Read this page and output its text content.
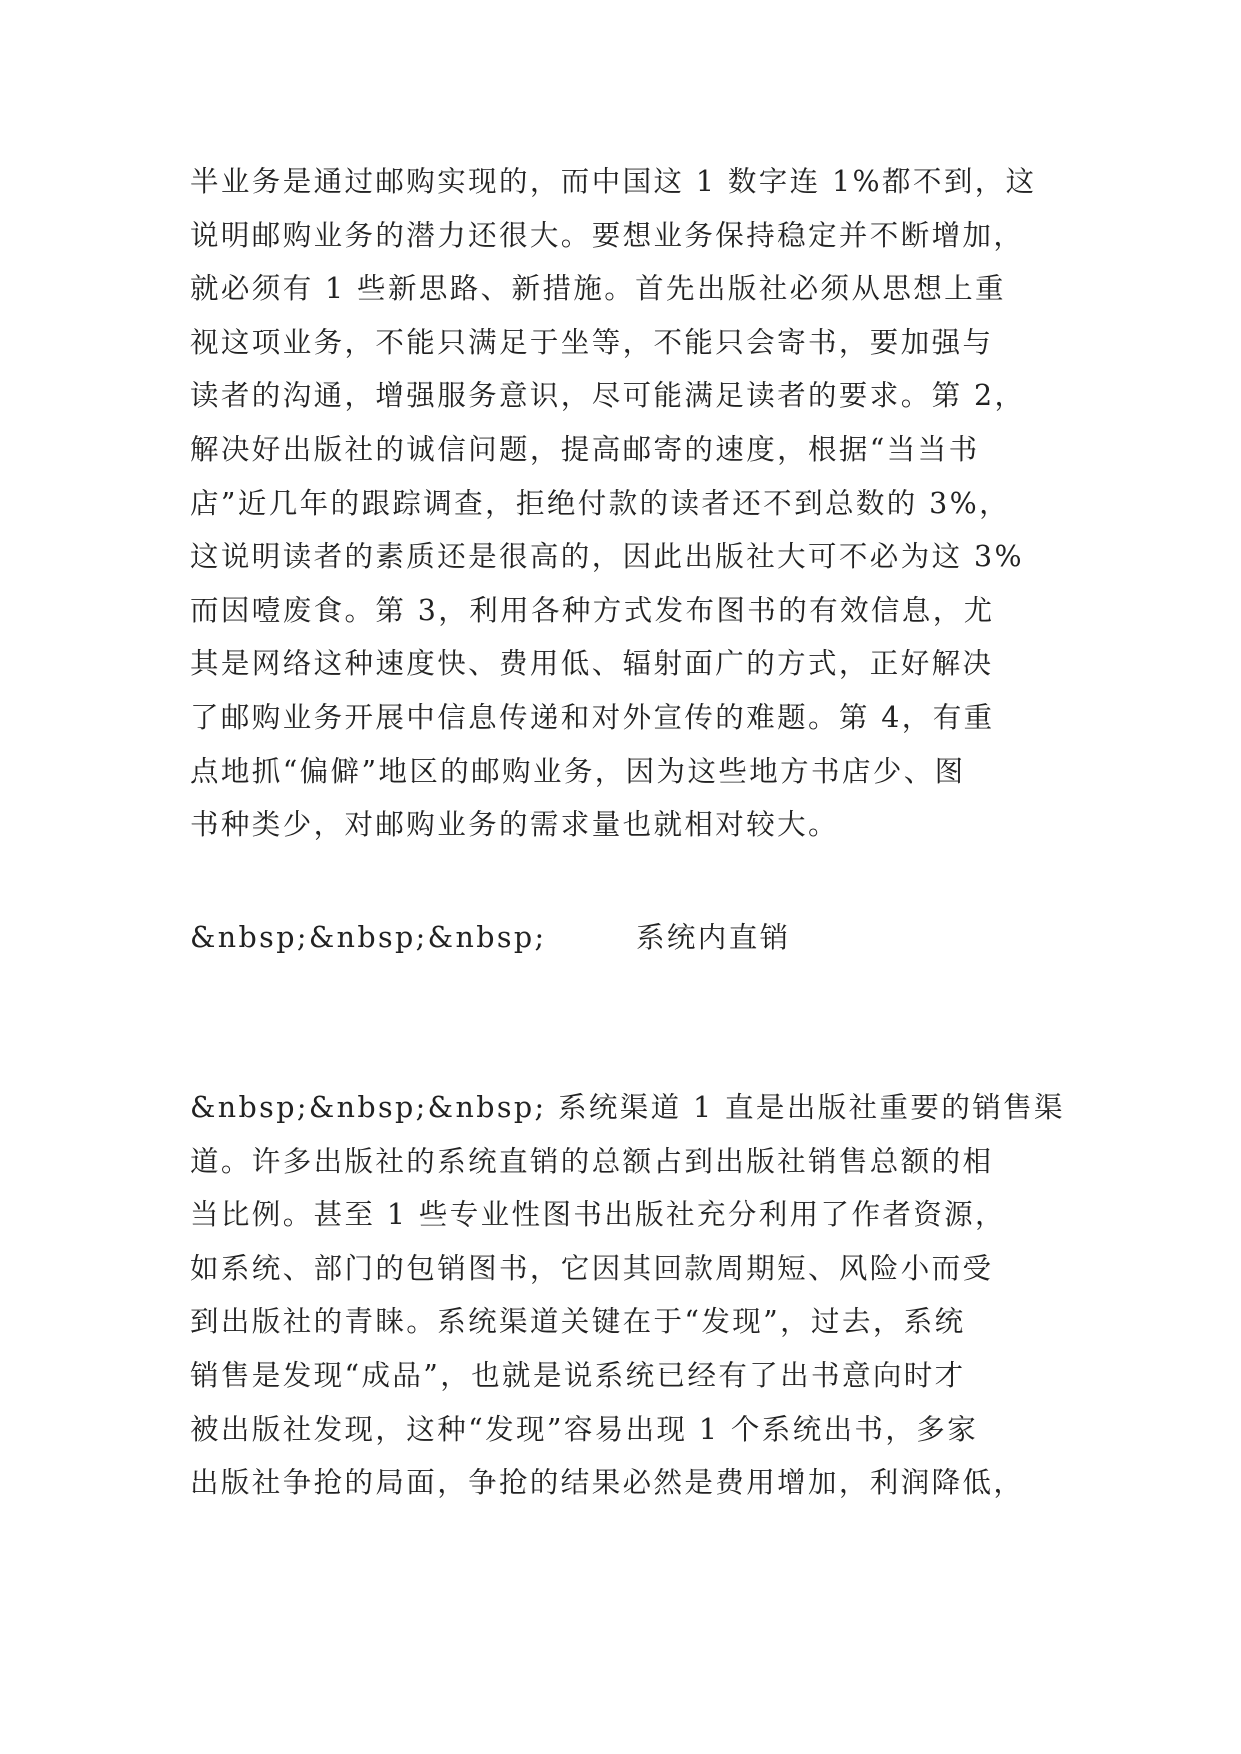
半业务是通过邮购实现的，而中国这 1 数字连 1%都不到，这
说明邮购业务的潜力还很大。要想业务保持稳定并不断增加，
就必须有 1 些新思路、新措施。首先出版社必须从思想上重
视这项业务，不能只满足于坐等，不能只会寄书，要加强与
读者的沟通，增强服务意识，尽可能满足读者的要求。第 2，
解决好出版社的诚信问题，提高邮寄的速度，根据“当当书
店”近几年的跟踪调查，拒绝付款的读者还不到总数的 3%，
这说明读者的素质还是很高的，因此出版社大可不必为这 3%
而因噎废食。第 3，利用各种方式发布图书的有效信息，尤
其是网络这种速度快、费用低、辐射面广的方式，正好解决
了邮购业务开展中信息传递和对外宣传的难题。第 4，有重
点地抓“偏僻”地区的邮购业务，因为这些地方书店少、图
书种类少，对邮购业务的需求量也就相对较大。
&nbsp;&nbsp;&nbsp;	系统内直销
&nbsp;&nbsp;&nbsp; 系统渠道 1 直是出版社重要的销售渠
道。许多出版社的系统直销的总额占到出版社销售总额的相
当比例。甚至 1 些专业性图书出版社充分利用了作者资源，
如系统、部门的包销图书，它因其回款周期短、风险小而受
到出版社的青睐。系统渠道关键在于“发现”，过去，系统
销售是发现“成品”，也就是说系统已经有了出书意向时才
被出版社发现，这种“发现”容易出现 1 个系统出书，多家
出版社争抢的局面，争抢的结果必然是费用增加，利润降低，
